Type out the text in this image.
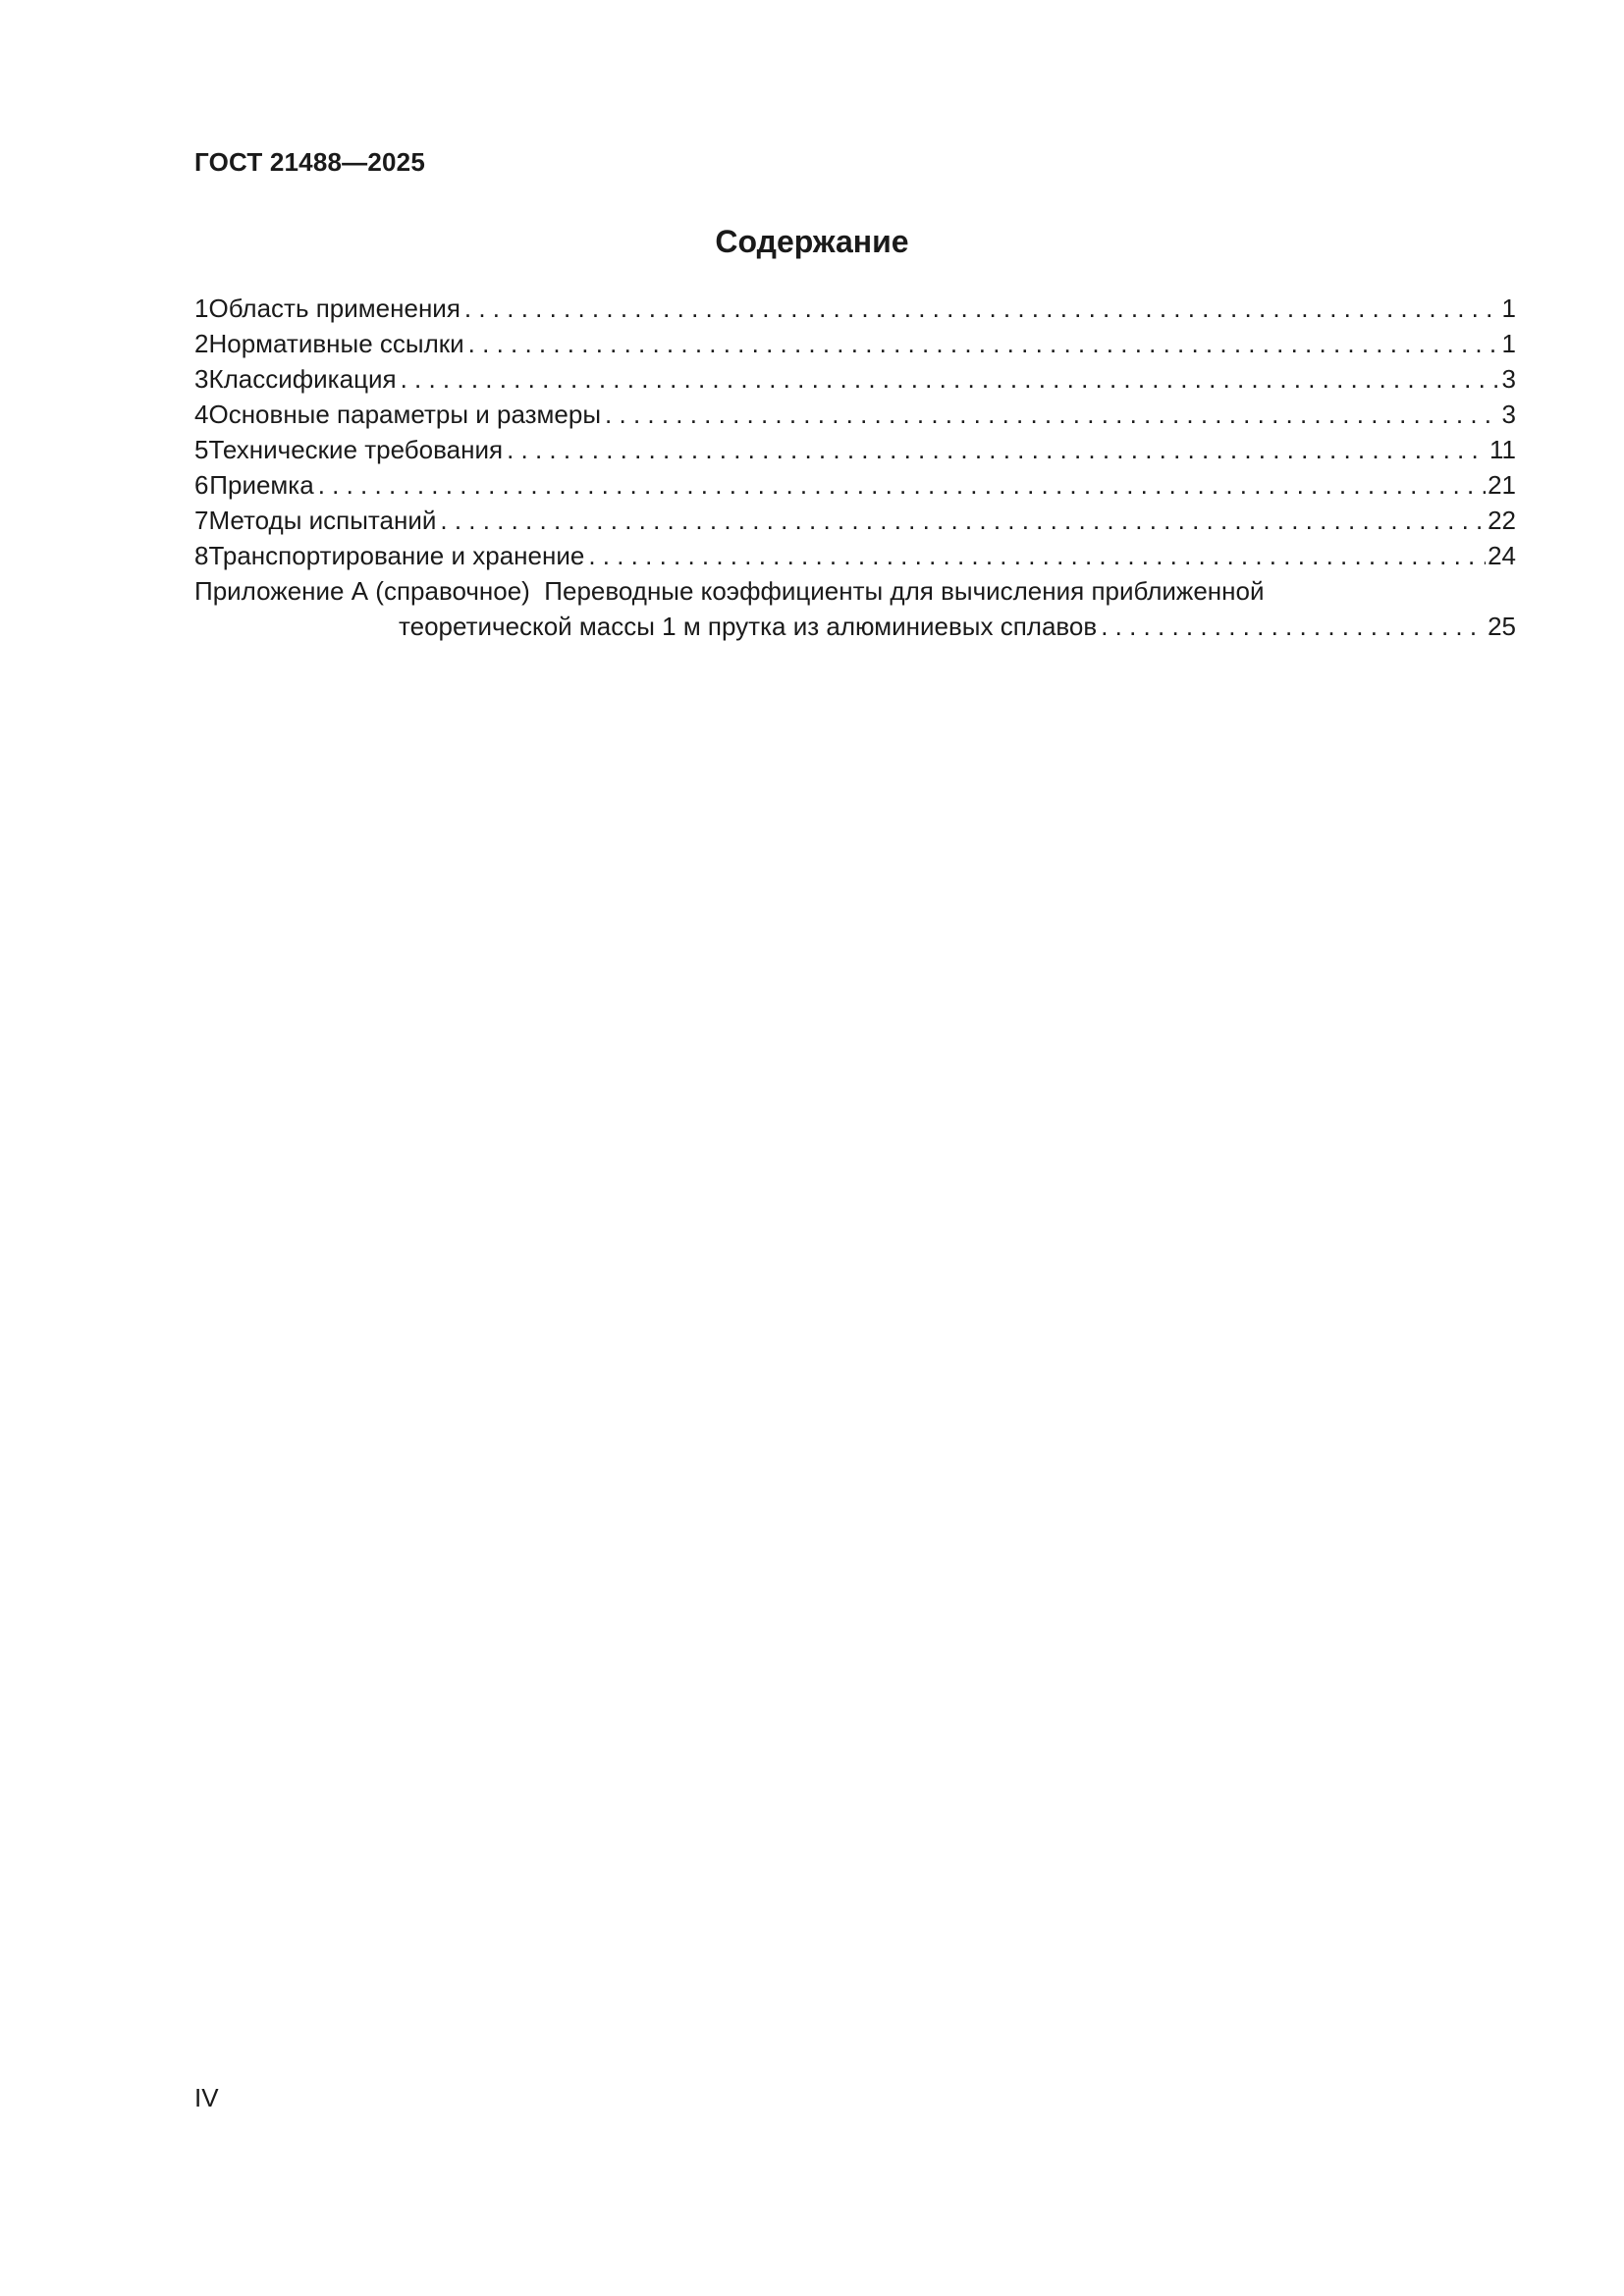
ГОСТ 21488—2025
Содержание
1 Область применения . . .	1
2 Нормативные ссылки . . .	1
3 Классификация . . .	3
4 Основные параметры и размеры . . .	3
5 Технические требования . . .	11
6 Приемка . . .	21
7 Методы испытаний . . .	22
8 Транспортирование и хранение . . .	24
Приложение А (справочное) Переводные коэффициенты для вычисления приближенной
теоретической массы 1 м прутка из алюминиевых сплавов . . .	25
IV
